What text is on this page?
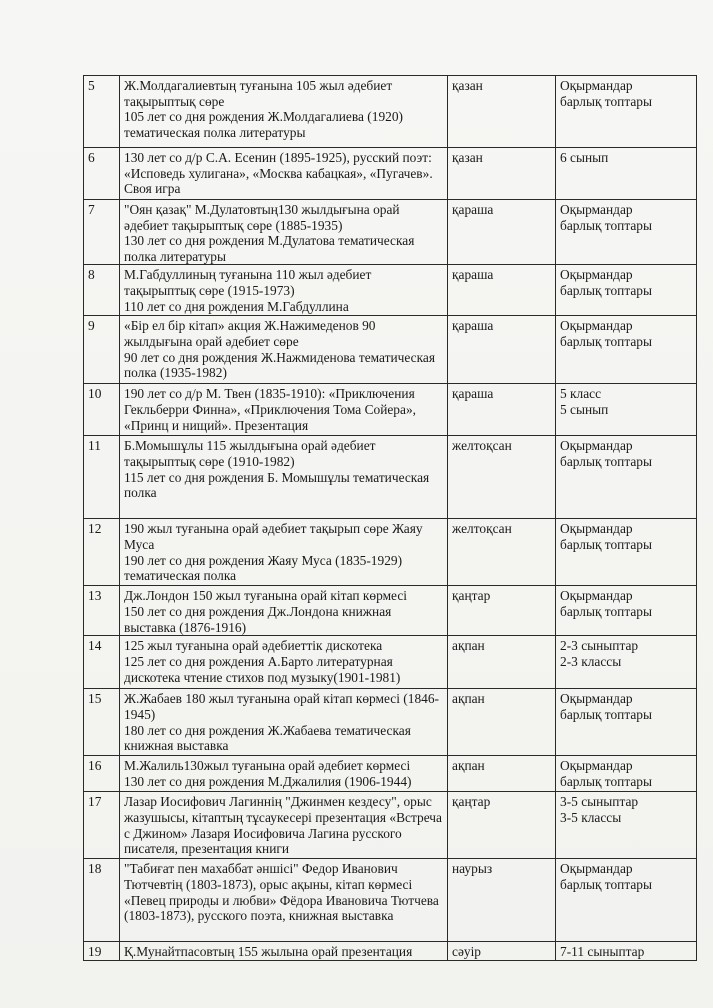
5	Ж.Молдагалиевтың туғанына 105 жыл әдебиет тақырыптық сөре
105 лет со дня рождения Ж.Молдагалиева (1920) тематическая полка литературы	қазан	Оқырмандар
барлық топтары
6	130 лет со д/р С.А. Есенин (1895-1925), русский поэт: «Исповедь хулигана», «Москва кабацкая», «Пугачев». Своя игра	қазан	6 сынып
7	"Оян қазақ" М.Дулатовтың130 жылдығына орай әдебиет тақырыптық сөре (1885-1935)
130 лет со дня рождения М.Дулатова тематическая полка литературы	қараша	Оқырмандар
барлық топтары
8	М.Габдуллиның туғанына 110 жыл әдебиет тақырыптық сөре (1915-1973)
110 лет со дня рождения М.Габдуллина	қараша	Оқырмандар
барлық топтары
9	«Бір ел бір кітап» акция Ж.Нажимеденов 90 жылдығына орай әдебиет сөре
90 лет со дня рождения Ж.Нажмиденова тематическая полка (1935-1982)	қараша	Оқырмандар
барлық топтары
10	190 лет со д/р М. Твен (1835-1910): «Приключения Гекльберри Финна», «Приключения Тома Сойера», «Принц и нищий». Презентация	қараша	5 класс
5 сынып
11	Б.Момышұлы 115 жылдығына орай әдебиет тақырыптық сөре (1910-1982)
115 лет со дня рождения Б. Момышұлы тематическая полка	желтоқсан	Оқырмандар
барлық топтары
12	190 жыл туғанына орай әдебиет тақырып сөре Жаяу Муса
190 лет со дня рождения Жаяу Муса (1835-1929) тематическая полка	желтоқсан	Оқырмандар
барлық топтары
13	Дж.Лондон 150 жыл туғанына орай кітап көрмесі
150 лет со дня рождения Дж.Лондона книжная выставка (1876-1916)	қаңтар	Оқырмандар
барлық топтары
14	125 жыл туғанына орай әдебиеттік дискотека
125 лет со дня рождения А.Барто литературная дискотека чтение стихов под музыку(1901-1981)	ақпан	2-3 сыныптар
2-3 классы
15	Ж.Жабаев 180 жыл туғанына орай кітап көрмесі (1846-1945)
180 лет со дня рождения Ж.Жабаева тематическая книжная выставка	ақпан	Оқырмандар
барлық топтары
16	М.Жалиль130жыл туғанына орай әдебиет көрмесі
130 лет со дня рождения М.Джалилия (1906-1944)	ақпан	Оқырмандар
барлық топтары
17	Лазар Иосифович Лагиннің "Джинмен кездесу", орыс жазушысы, кітаптың тұсаукесері презентация «Встреча с Джином» Лазаря Иосифовича Лагина русского писателя, презентация книги	қаңтар	3-5 сыныптар
3-5 классы
18	"Табиғат пен махаббат әншісі" Федор Иванович Тютчевтің (1803-1873), орыс ақыны, кітап көрмесі «Певец природы и любви» Фёдора Ивановича Тютчева (1803-1873), русского поэта, книжная выставка	наурыз	Оқырмандар
барлық топтары
19	Қ.Мунайтпасовтың 155 жылына орай презентация	сәуір	7-11 сыныптар
